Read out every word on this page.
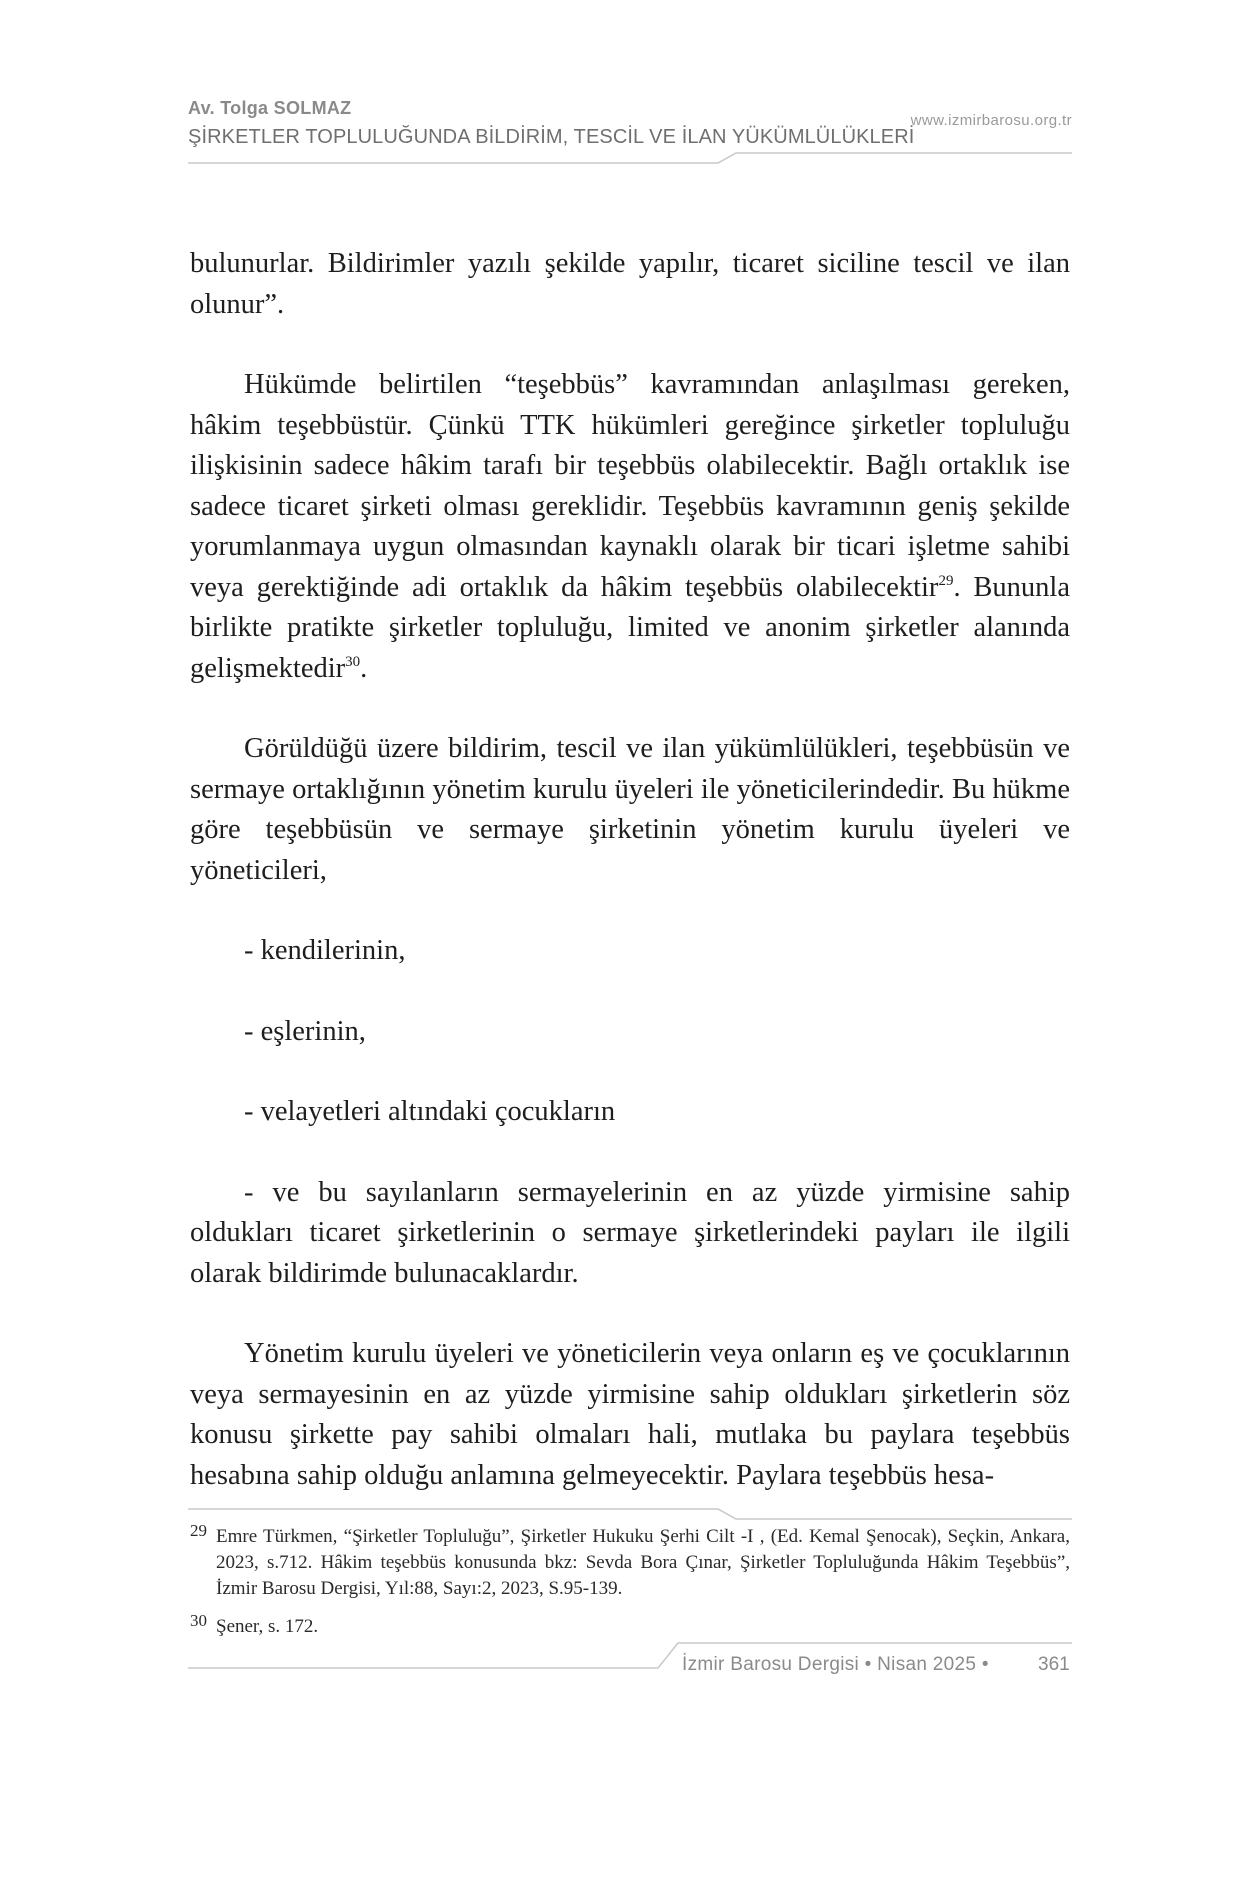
Av. Tolga SOLMAZ
ŞİRKETLER TOPLULUĞUNDA BİLDİRİM, TESCİL VE İLAN YÜKÜMLÜLÜKLERİ
www.izmirbarosu.org.tr

bulunurlar. Bildirimler yazılı şekilde yapılır, ticaret siciline tescil ve ilan olunur”.

Hükümde belirtilen “teşebbüs” kavramından anlaşılması gereken, hâkim teşebbüstür. Çünkü TTK hükümleri gereğince şirketler topluluğu ilişkisinin sadece hâkim tarafı bir teşebbüs olabilecektir. Bağlı ortaklık ise sadece ticaret şirketi olması gereklidir. Teşebbüs kavramının geniş şekilde yorumlanmaya uygun olmasından kaynaklı olarak bir ticari işletme sahibi veya gerektiğinde adi ortaklık da hâkim teşebbüs olabilecektir$^{29}$. Bununla birlikte pratikte şirketler topluluğu, limited ve anonim şirketler alanında gelişmektedir$^{30}$.

Görüldüğü üzere bildirim, tescil ve ilan yükümlülükleri, teşebbüsün ve sermaye ortaklığının yönetim kurulu üyeleri ile yöneticilerindedir. Bu hükme göre teşebbüsün ve sermaye şirketinin yönetim kurulu üyeleri ve yöneticileri,

- kendilerinin,

- eşlerinin,

- velayetleri altındaki çocukların

- ve bu sayılanların sermayelerinin en az yüzde yirmisine sahip oldukları ticaret şirketlerinin o sermaye şirketlerindeki payları ile ilgili olarak bildirimde bulunacaklardır.

Yönetim kurulu üyeleri ve yöneticilerin veya onların eş ve çocuklarının veya sermayesinin en az yüzde yirmisine sahip oldukları şirketlerin söz konusu şirkette pay sahibi olmaları hali, mutlaka bu paylara teşebbüs hesabına sahip olduğu anlamına gelmeyecektir. Paylara teşebbüs hesa-

29 Emre Türkmen, “Şirketler Topluluğu”, Şirketler Hukuku Şerhi Cilt -I , (Ed. Kemal Şenocak), Seçkin, Ankara, 2023, s.712. Hâkim teşebbüs konusunda bkz: Sevda Bora Çınar, Şirketler Topluluğunda Hâkim Teşebbüs”, İzmir Barosu Dergisi, Yıl:88, Sayı:2, 2023, S.95-139.
30 Şener, s. 172.
İzmir Barosu Dergisi • Nisan 2025 •	361
